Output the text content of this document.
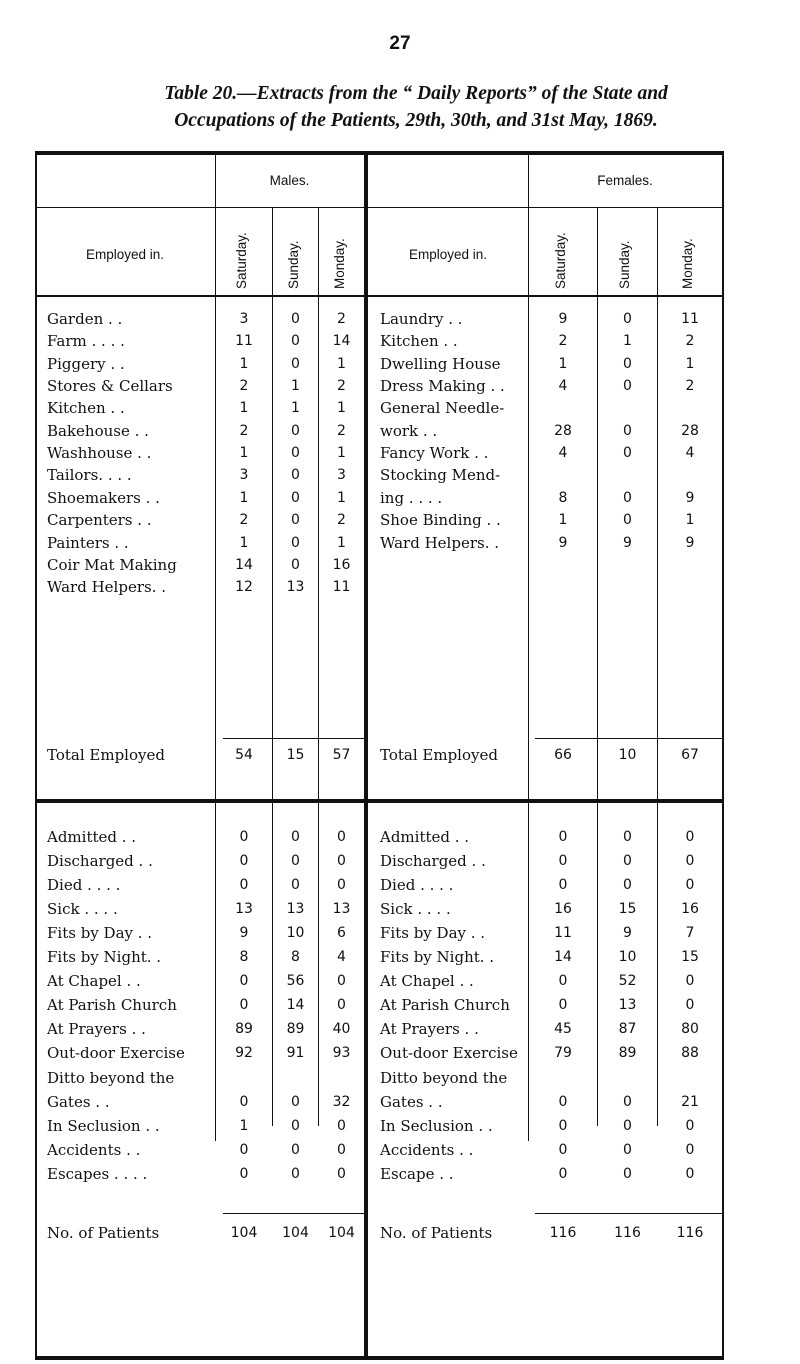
27
Table 20.—Extracts from the “ Daily Reports” of the State and
Occupations of the Patients, 29th, 30th, and 31st May, 1869.
Males.	Females.
Employed in.	Employed in.
Saturday.	Sunday. Monday.	Saturday.	Sunday.	Monday.
Garden . .	3	0	2
Farm . . . .	11	0	14
Piggery . .	1	0	1
Stores & Cellars	2	1	2
Kitchen . .	1	1	1
Bakehouse . .	2	0	2
Washhouse . .	1	0	1
Tailors. . . .	3	0	3
Shoemakers . .	1	0	1
Carpenters . .	2	0	2
Painters . .	1	0	1
Coir Mat Making	14	0	16
Ward Helpers. .	12	13	11
Laundry . .	9	0	11
Kitchen . .	2	1	2
Dwelling House	1	0	1
Dress Making . .	4	0	2
General Needle-
work . .	28	0	28
Fancy Work . .	4	0	4
Stocking Mend-
ing . . . .	8	0	9
Shoe Binding . .	1	0	1
Ward Helpers. .	9	9	9
Total Employed	54	15	57	Total Employed	66	10	67
Admitted . .	0	0	0
Discharged . .	0	0	0
Died . . . .	0	0	0
Sick . . . .	13	13	13
Fits by Day . .	9	10	6
Fits by Night. .	8	8	4
At Chapel . .	0	56	0
At Parish Church	0	14	0
At Prayers . .	89	89	40
Out-door Exercise	92	91	93
Ditto beyond the
Gates . .	0	0	32
In Seclusion . .	1	0	0
Accidents . .	0	0	0
Escapes . . . .	0	0	0
Admitted . .	0	0	0
Discharged . .	0	0	0
Died . . . .	0	0	0
Sick . . . .	16	15	16
Fits by Day . .	11	9	7
Fits by Night. .	14	10	15
At Chapel . .	0	52	0
At Parish Church	0	13	0
At Prayers . .	45	87	80
Out-door Exercise	79	89	88
Ditto beyond the
Gates . .	0	0	21
In Seclusion . .	0	0	0
Accidents . .	0	0	0
Escape . .	0	0	0
No. of Patients	104	104	104	No. of Patients	116	116	116
